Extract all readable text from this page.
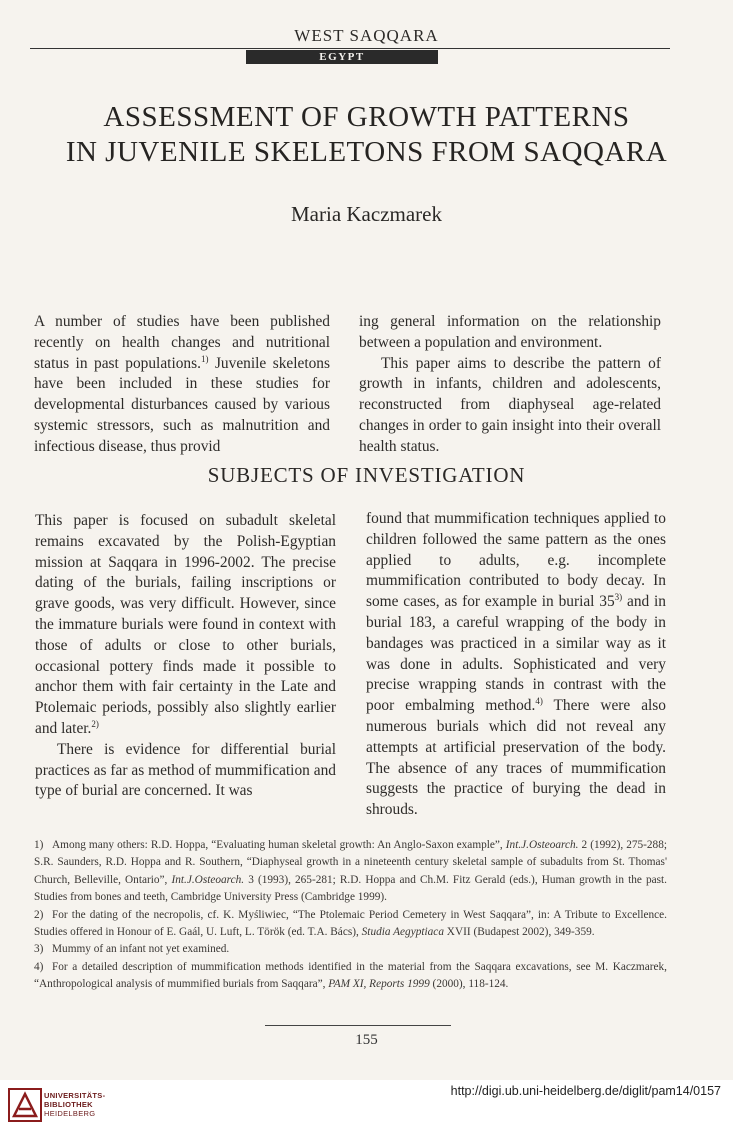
WEST SAQQARA
EGYPT
ASSESSMENT OF GROWTH PATTERNS
IN JUVENILE SKELETONS FROM SAQQARA
Maria Kaczmarek

A number of studies have been published recently on health changes and nutritional status in past populations.$^{1)}$ Juvenile skeletons have been included in these studies for developmental disturbances caused by various systemic stressors, such as malnutrition and infectious disease, thus provid

ing general information on the relationship between a population and environment.

This paper aims to describe the pattern of growth in infants, children and adolescents, reconstructed from diaphyseal age-related changes in order to gain insight into their overall health status.

SUBJECTS OF INVESTIGATION

This paper is focused on subadult skeletal remains excavated by the Polish-Egyptian mission at Saqqara in 1996-2002. The precise dating of the burials, failing inscriptions or grave goods, was very difficult. However, since the immature burials were found in context with those of adults or close to other burials, occasional pottery finds made it possible to anchor them with fair certainty in the Late and Ptolemaic periods, possibly also slightly earlier and later.$^{2)}$

There is evidence for differential burial practices as far as method of mummification and type of burial are concerned. It was

found that mummification techniques applied to children followed the same pattern as the ones applied to adults, e.g. incomplete mummification contributed to body decay. In some cases, as for example in burial 35$^{3)}$ and in burial 183, a careful wrapping of the body in bandages was practiced in a similar way as it was done in adults. Sophisticated and very precise wrapping stands in contrast with the poor embalming method.$^{4)}$ There were also numerous burials which did not reveal any attempts at artificial preservation of the body. The absence of any traces of mummification suggests the practice of burying the dead in shrouds.

1) Among many others: R.D. Hoppa, “Evaluating human skeletal growth: An Anglo-Saxon example”, Int.J.Osteoarch. 2 (1992), 275-288; S.R. Saunders, R.D. Hoppa and R. Southern, “Diaphyseal growth in a nineteenth century skeletal sample of subadults from St. Thomas' Church, Belleville, Ontario”, Int.J.Osteoarch. 3 (1993), 265-281; R.D. Hoppa and Ch.M. Fitz Gerald (eds.), Human growth in the past. Studies from bones and teeth, Cambridge University Press (Cambridge 1999).

2) For the dating of the necropolis, cf. K. Myśliwiec, “The Ptolemaic Period Cemetery in West Saqqara”, in: A Tribute to Excellence. Studies offered in Honour of E. Gaál, U. Luft, L. Török (ed. T.A. Bács), Studia Aegyptiaca XVII (Budapest 2002), 349-359.

3) Mummy of an infant not yet examined.

4) For a detailed description of mummification methods identified in the material from the Saqqara excavations, see M. Kaczmarek, “Anthropological analysis of mummified burials from Saqqara”, PAM XI, Reports 1999 (2000), 118-124.

155
UNIVERSITÄTS-
BIBLIOTHEK
HEIDELBERG
http://digi.ub.uni-heidelberg.de/diglit/pam14/0157
